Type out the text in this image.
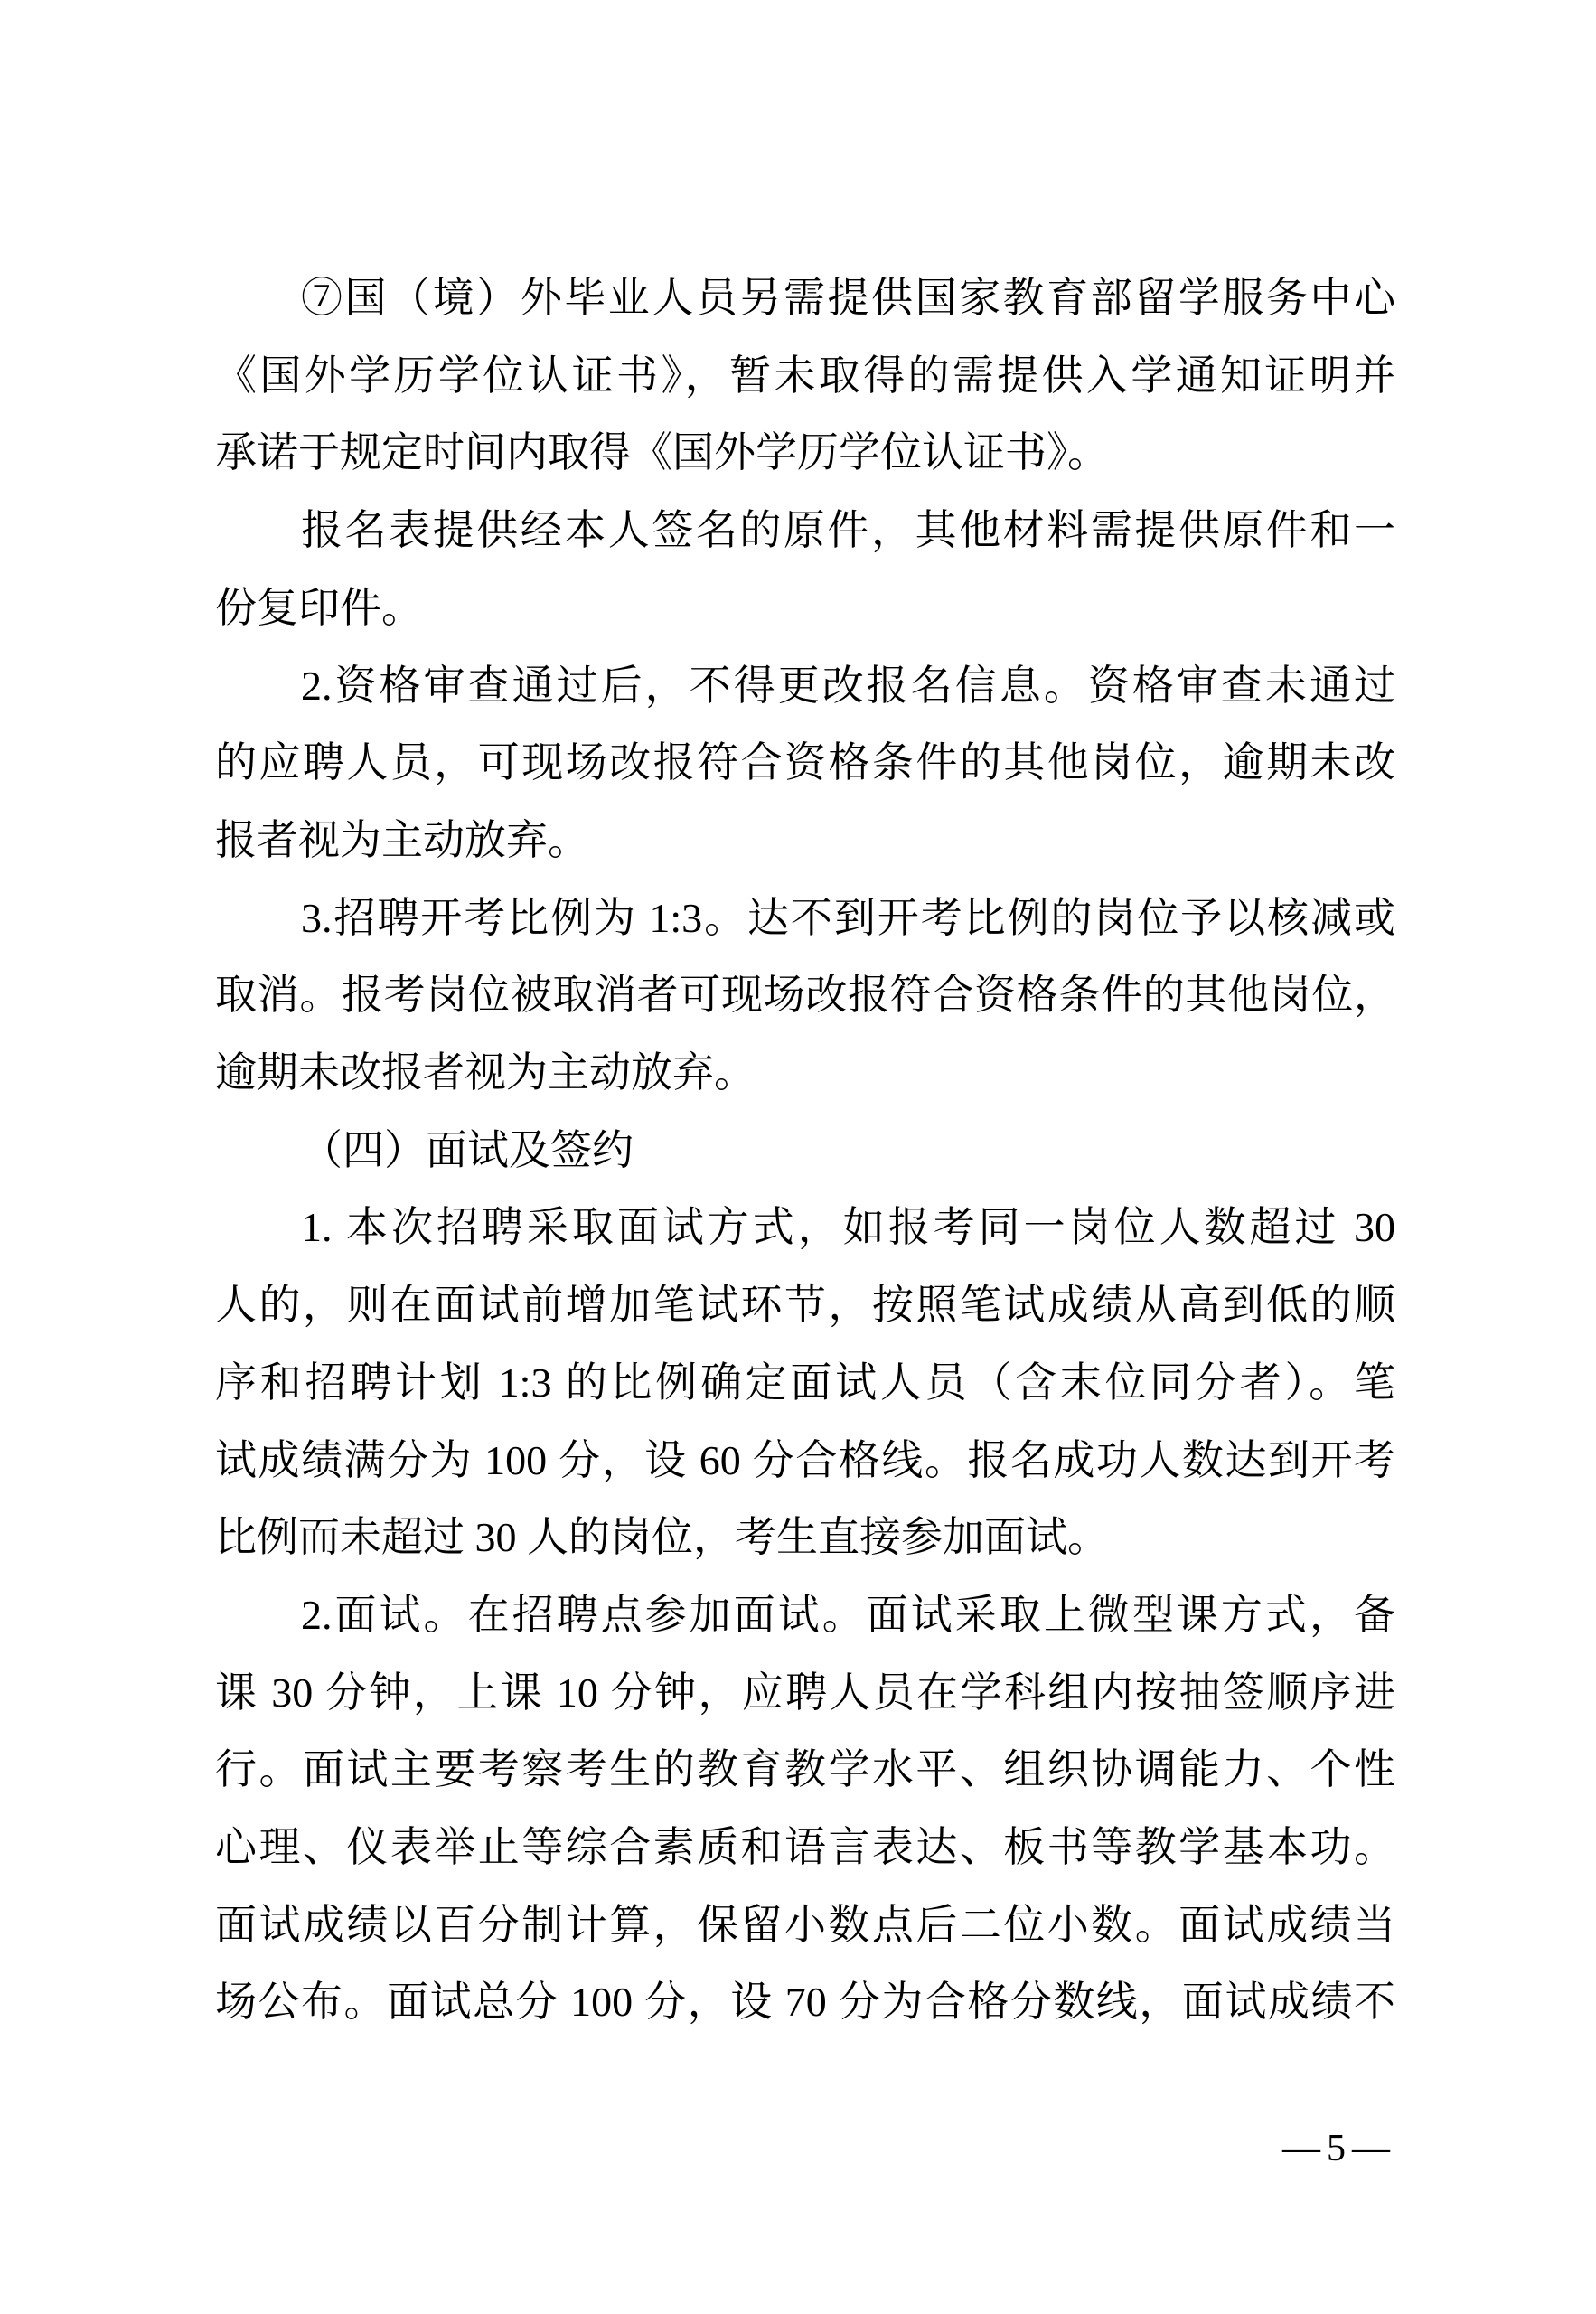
⑦国（境）外毕业人员另需提供国家教育部留学服务中心
《国外学历学位认证书》，暂未取得的需提供入学通知证明并
承诺于规定时间内取得《国外学历学位认证书》。
报名表提供经本人签名的原件，其他材料需提供原件和一
份复印件。
2.资格审查通过后，不得更改报名信息。资格审查未通过
的应聘人员，可现场改报符合资格条件的其他岗位，逾期未改
报者视为主动放弃。
3.招聘开考比例为 1:3。达不到开考比例的岗位予以核减或
取消。报考岗位被取消者可现场改报符合资格条件的其他岗位，
逾期未改报者视为主动放弃。
（四）面试及签约
1. 本次招聘采取面试方式，如报考同一岗位人数超过 30
人的，则在面试前增加笔试环节，按照笔试成绩从高到低的顺
序和招聘计划 1:3 的比例确定面试人员（含末位同分者）。笔
试成绩满分为 100 分，设 60 分合格线。报名成功人数达到开考
比例而未超过 30 人的岗位，考生直接参加面试。
2.面试。在招聘点参加面试。面试采取上微型课方式，备
课 30 分钟，上课 10 分钟，应聘人员在学科组内按抽签顺序进
行。面试主要考察考生的教育教学水平、组织协调能力、个性
心理、仪表举止等综合素质和语言表达、板书等教学基本功。
面试成绩以百分制计算，保留小数点后二位小数。面试成绩当
场公布。面试总分 100 分，设 70 分为合格分数线，面试成绩不
—5—
